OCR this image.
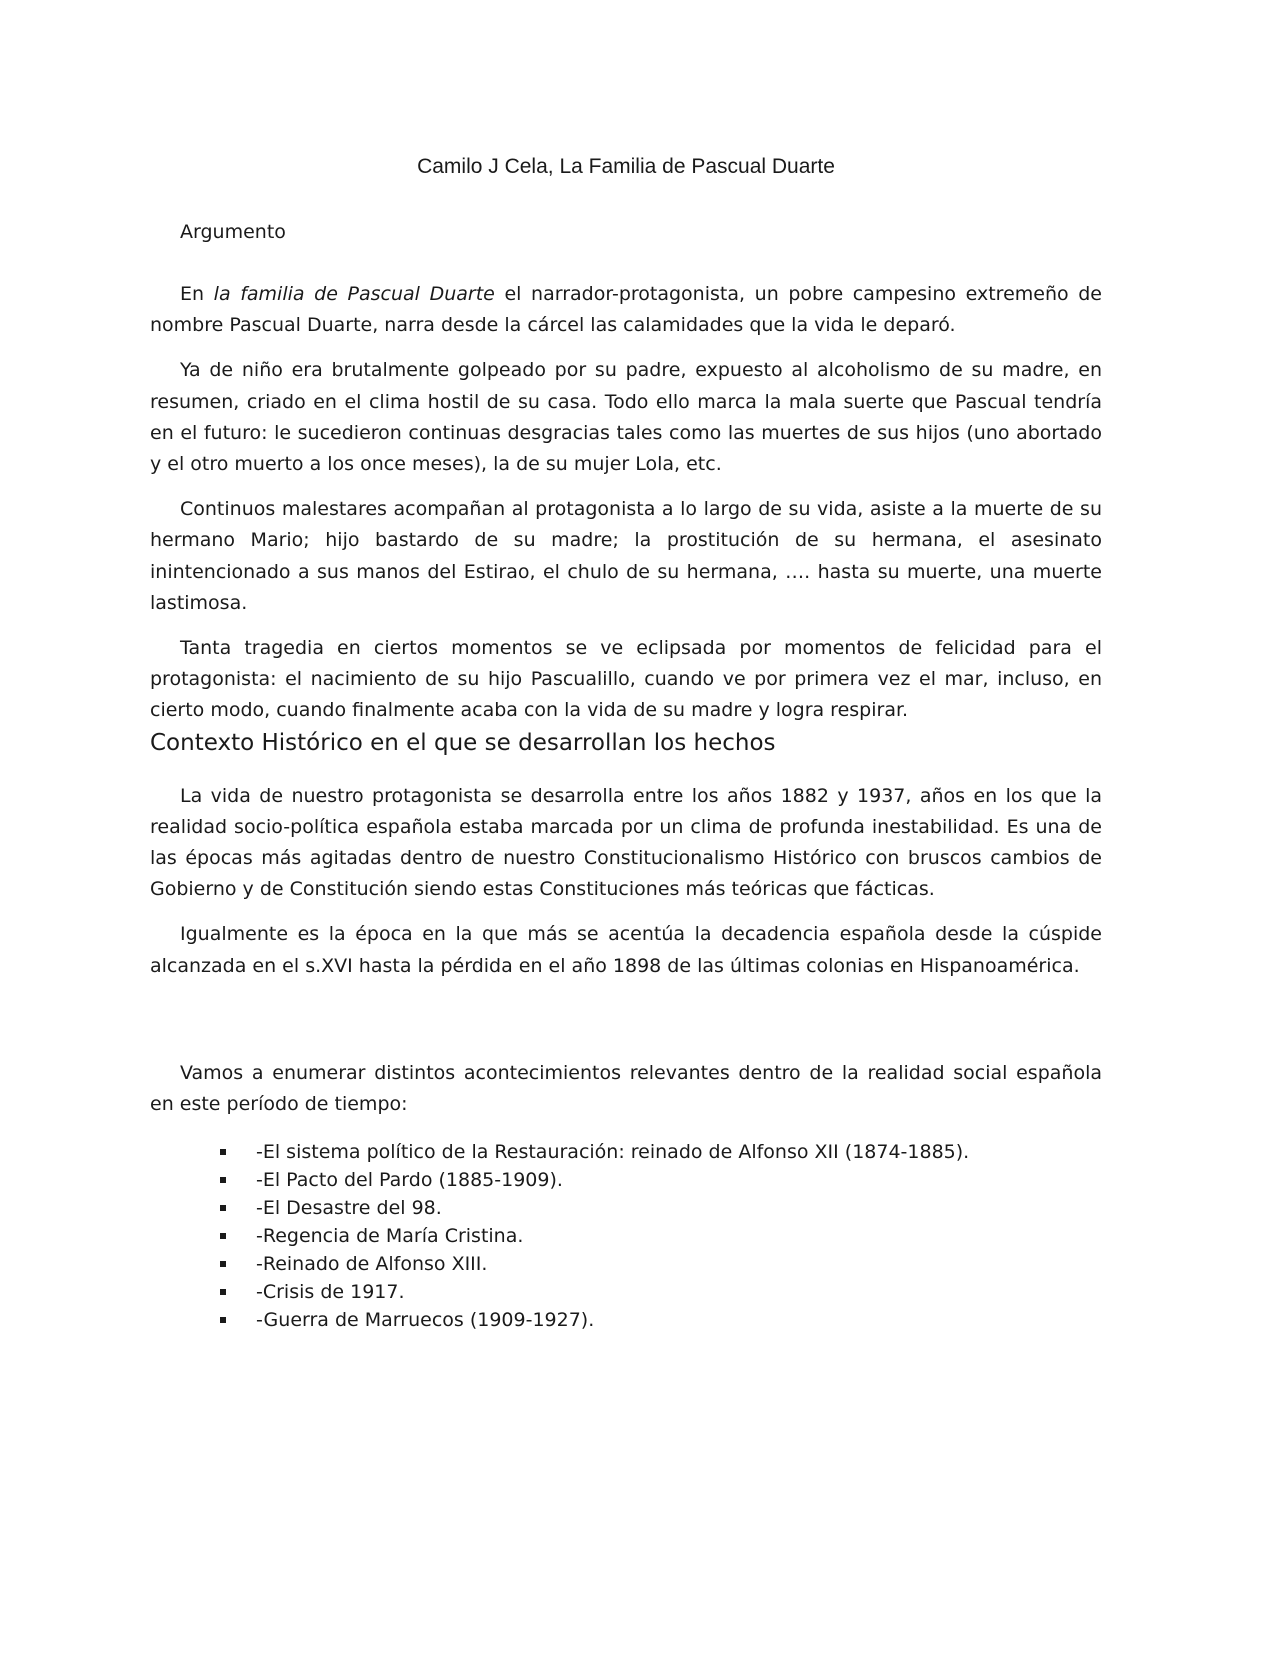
Camilo J Cela, La Familia de Pascual Duarte
Argumento

En la familia de Pascual Duarte el narrador-protagonista, un pobre campesino extremeño de nombre Pascual Duarte, narra desde la cárcel las calamidades que la vida le deparó.

Ya de niño era brutalmente golpeado por su padre, expuesto al alcoholismo de su madre, en resumen, criado en el clima hostil de su casa. Todo ello marca la mala suerte que Pascual tendría en el futuro: le sucedieron continuas desgracias tales como las muertes de sus hijos (uno abortado y el otro muerto a los once meses), la de su mujer Lola, etc.

Continuos malestares acompañan al protagonista a lo largo de su vida, asiste a la muerte de su hermano Mario; hijo bastardo de su madre; la prostitución de su hermana, el asesinato inintencionado a sus manos del Estirao, el chulo de su hermana, …. hasta su muerte, una muerte lastimosa.

Tanta tragedia en ciertos momentos se ve eclipsada por momentos de felicidad para el protagonista: el nacimiento de su hijo Pascualillo, cuando ve por primera vez el mar, incluso, en cierto modo, cuando finalmente acaba con la vida de su madre y logra respirar.

Contexto Histórico en el que se desarrollan los hechos

La vida de nuestro protagonista se desarrolla entre los años 1882 y 1937, años en los que la realidad socio-política española estaba marcada por un clima de profunda inestabilidad. Es una de las épocas más agitadas dentro de nuestro Constitucionalismo Histórico con bruscos cambios de Gobierno y de Constitución siendo estas Constituciones más teóricas que fácticas.

Igualmente es la época en la que más se acentúa la decadencia española desde la cúspide alcanzada en el s.XVI hasta la pérdida en el año 1898 de las últimas colonias en Hispanoamérica.

Vamos a enumerar distintos acontecimientos relevantes dentro de la realidad social española en este período de tiempo:

-El sistema político de la Restauración: reinado de Alfonso XII (1874-1885).
-El Pacto del Pardo (1885-1909).
-El Desastre del 98.
-Regencia de María Cristina.
-Reinado de Alfonso XIII.
-Crisis de 1917.
-Guerra de Marruecos (1909-1927).
